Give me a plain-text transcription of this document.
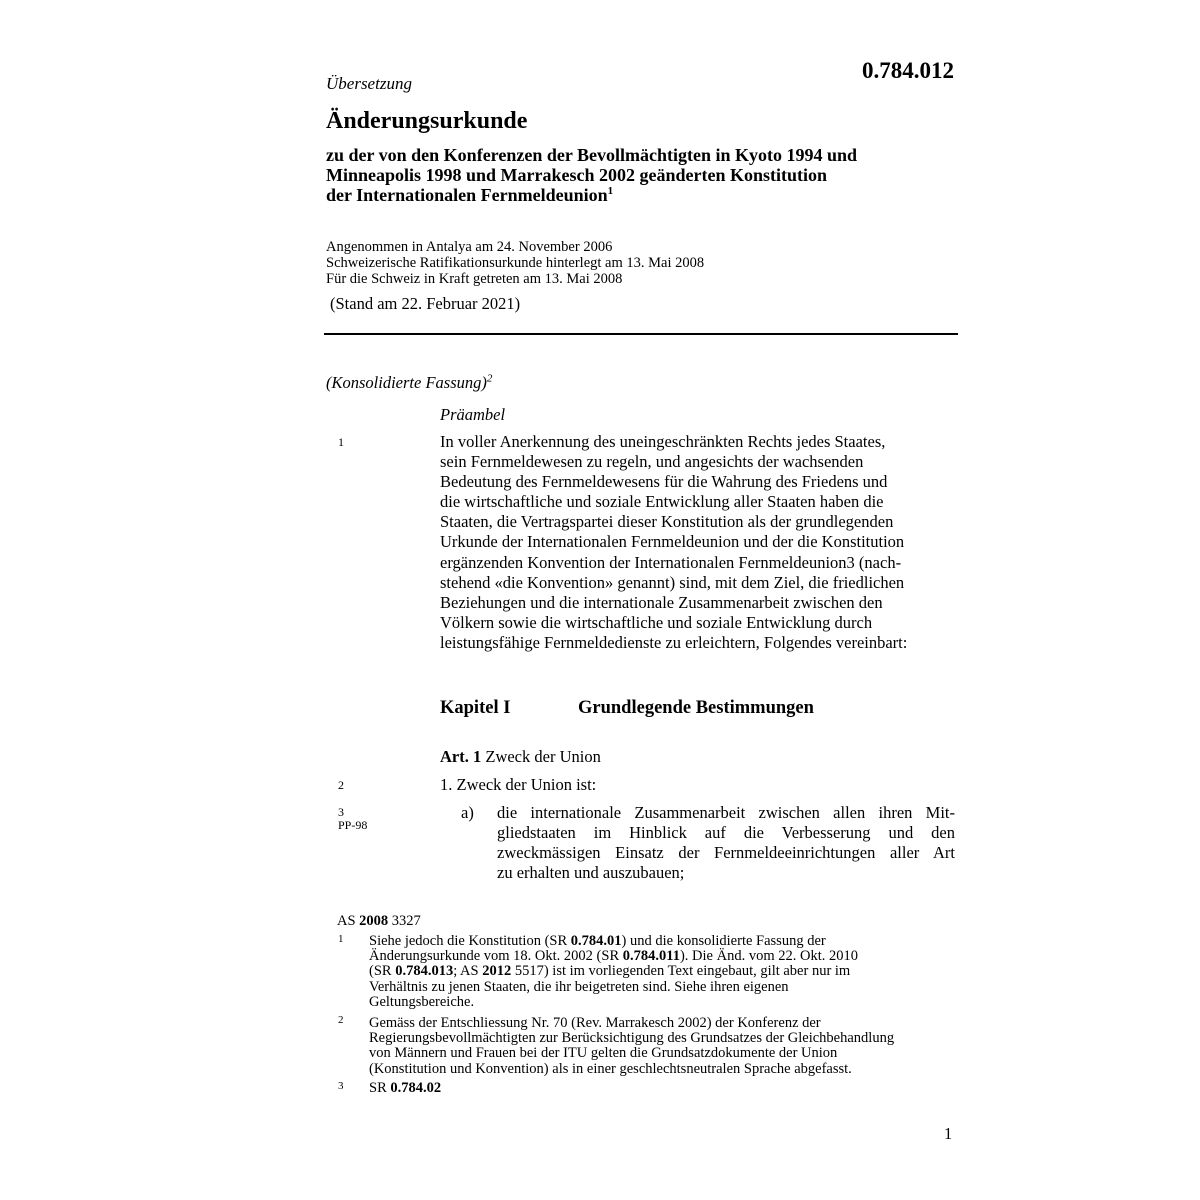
0.784.012
Übersetzung
Änderungsurkunde
zu der von den Konferenzen der Bevollmächtigten in Kyoto 1994 und
Minneapolis 1998 und Marrakesch 2002 geänderten Konstitution
der Internationalen Fernmeldeunion$^1$
Angenommen in Antalya am 24. November 2006
Schweizerische Ratifikationsurkunde hinterlegt am 13. Mai 2008
Für die Schweiz in Kraft getreten am 13. Mai 2008
(Stand am 22. Februar 2021)
(Konsolidierte Fassung)$^2$
Präambel
1	In voller Anerkennung des uneingeschränkten Rechts jedes Staates,
sein Fernmeldewesen zu regeln, und angesichts der wachsenden
Bedeutung des Fernmeldewesens für die Wahrung des Friedens und
die wirtschaftliche und soziale Entwicklung aller Staaten haben die
Staaten, die Vertragspartei dieser Konstitution als der grundlegenden
Urkunde der Internationalen Fernmeldeunion und der die Konstitution
ergänzenden Konvention der Internationalen Fernmeldeunion3 (nach-
stehend «die Konvention» genannt) sind, mit dem Ziel, die friedlichen
Beziehungen und die internationale Zusammenarbeit zwischen den
Völkern sowie die wirtschaftliche und soziale Entwicklung durch
leistungsfähige Fernmeldedienste zu erleichtern, Folgendes vereinbart:
Kapitel I	Grundlegende Bestimmungen
Art. 1 Zweck der Union
2	1. Zweck der Union ist:
3
PP-98
a) die internationale Zusammenarbeit zwischen allen ihren Mit-
gliedstaaten im Hinblick auf die Verbesserung und den
zweckmässigen Einsatz der Fernmeldeeinrichtungen aller Art
zu erhalten und auszubauen;
AS 2008 3327
1 Siehe jedoch die Konstitution (SR 0.784.01) und die konsolidierte Fassung der
Änderungsurkunde vom 18. Okt. 2002 (SR 0.784.011). Die Änd. vom 22. Okt. 2010
(SR 0.784.013; AS 2012 5517) ist im vorliegenden Text eingebaut, gilt aber nur im
Verhältnis zu jenen Staaten, die ihr beigetreten sind. Siehe ihren eigenen
Geltungsbereiche.
2 Gemäss der Entschliessung Nr. 70 (Rev. Marrakesch 2002) der Konferenz der
Regierungsbevollmächtigten zur Berücksichtigung des Grundsatzes der Gleichbehandlung
von Männern und Frauen bei der ITU gelten die Grundsatzdokumente der Union
(Konstitution und Konvention) als in einer geschlechtsneutralen Sprache abgefasst.
3 SR 0.784.02
1
